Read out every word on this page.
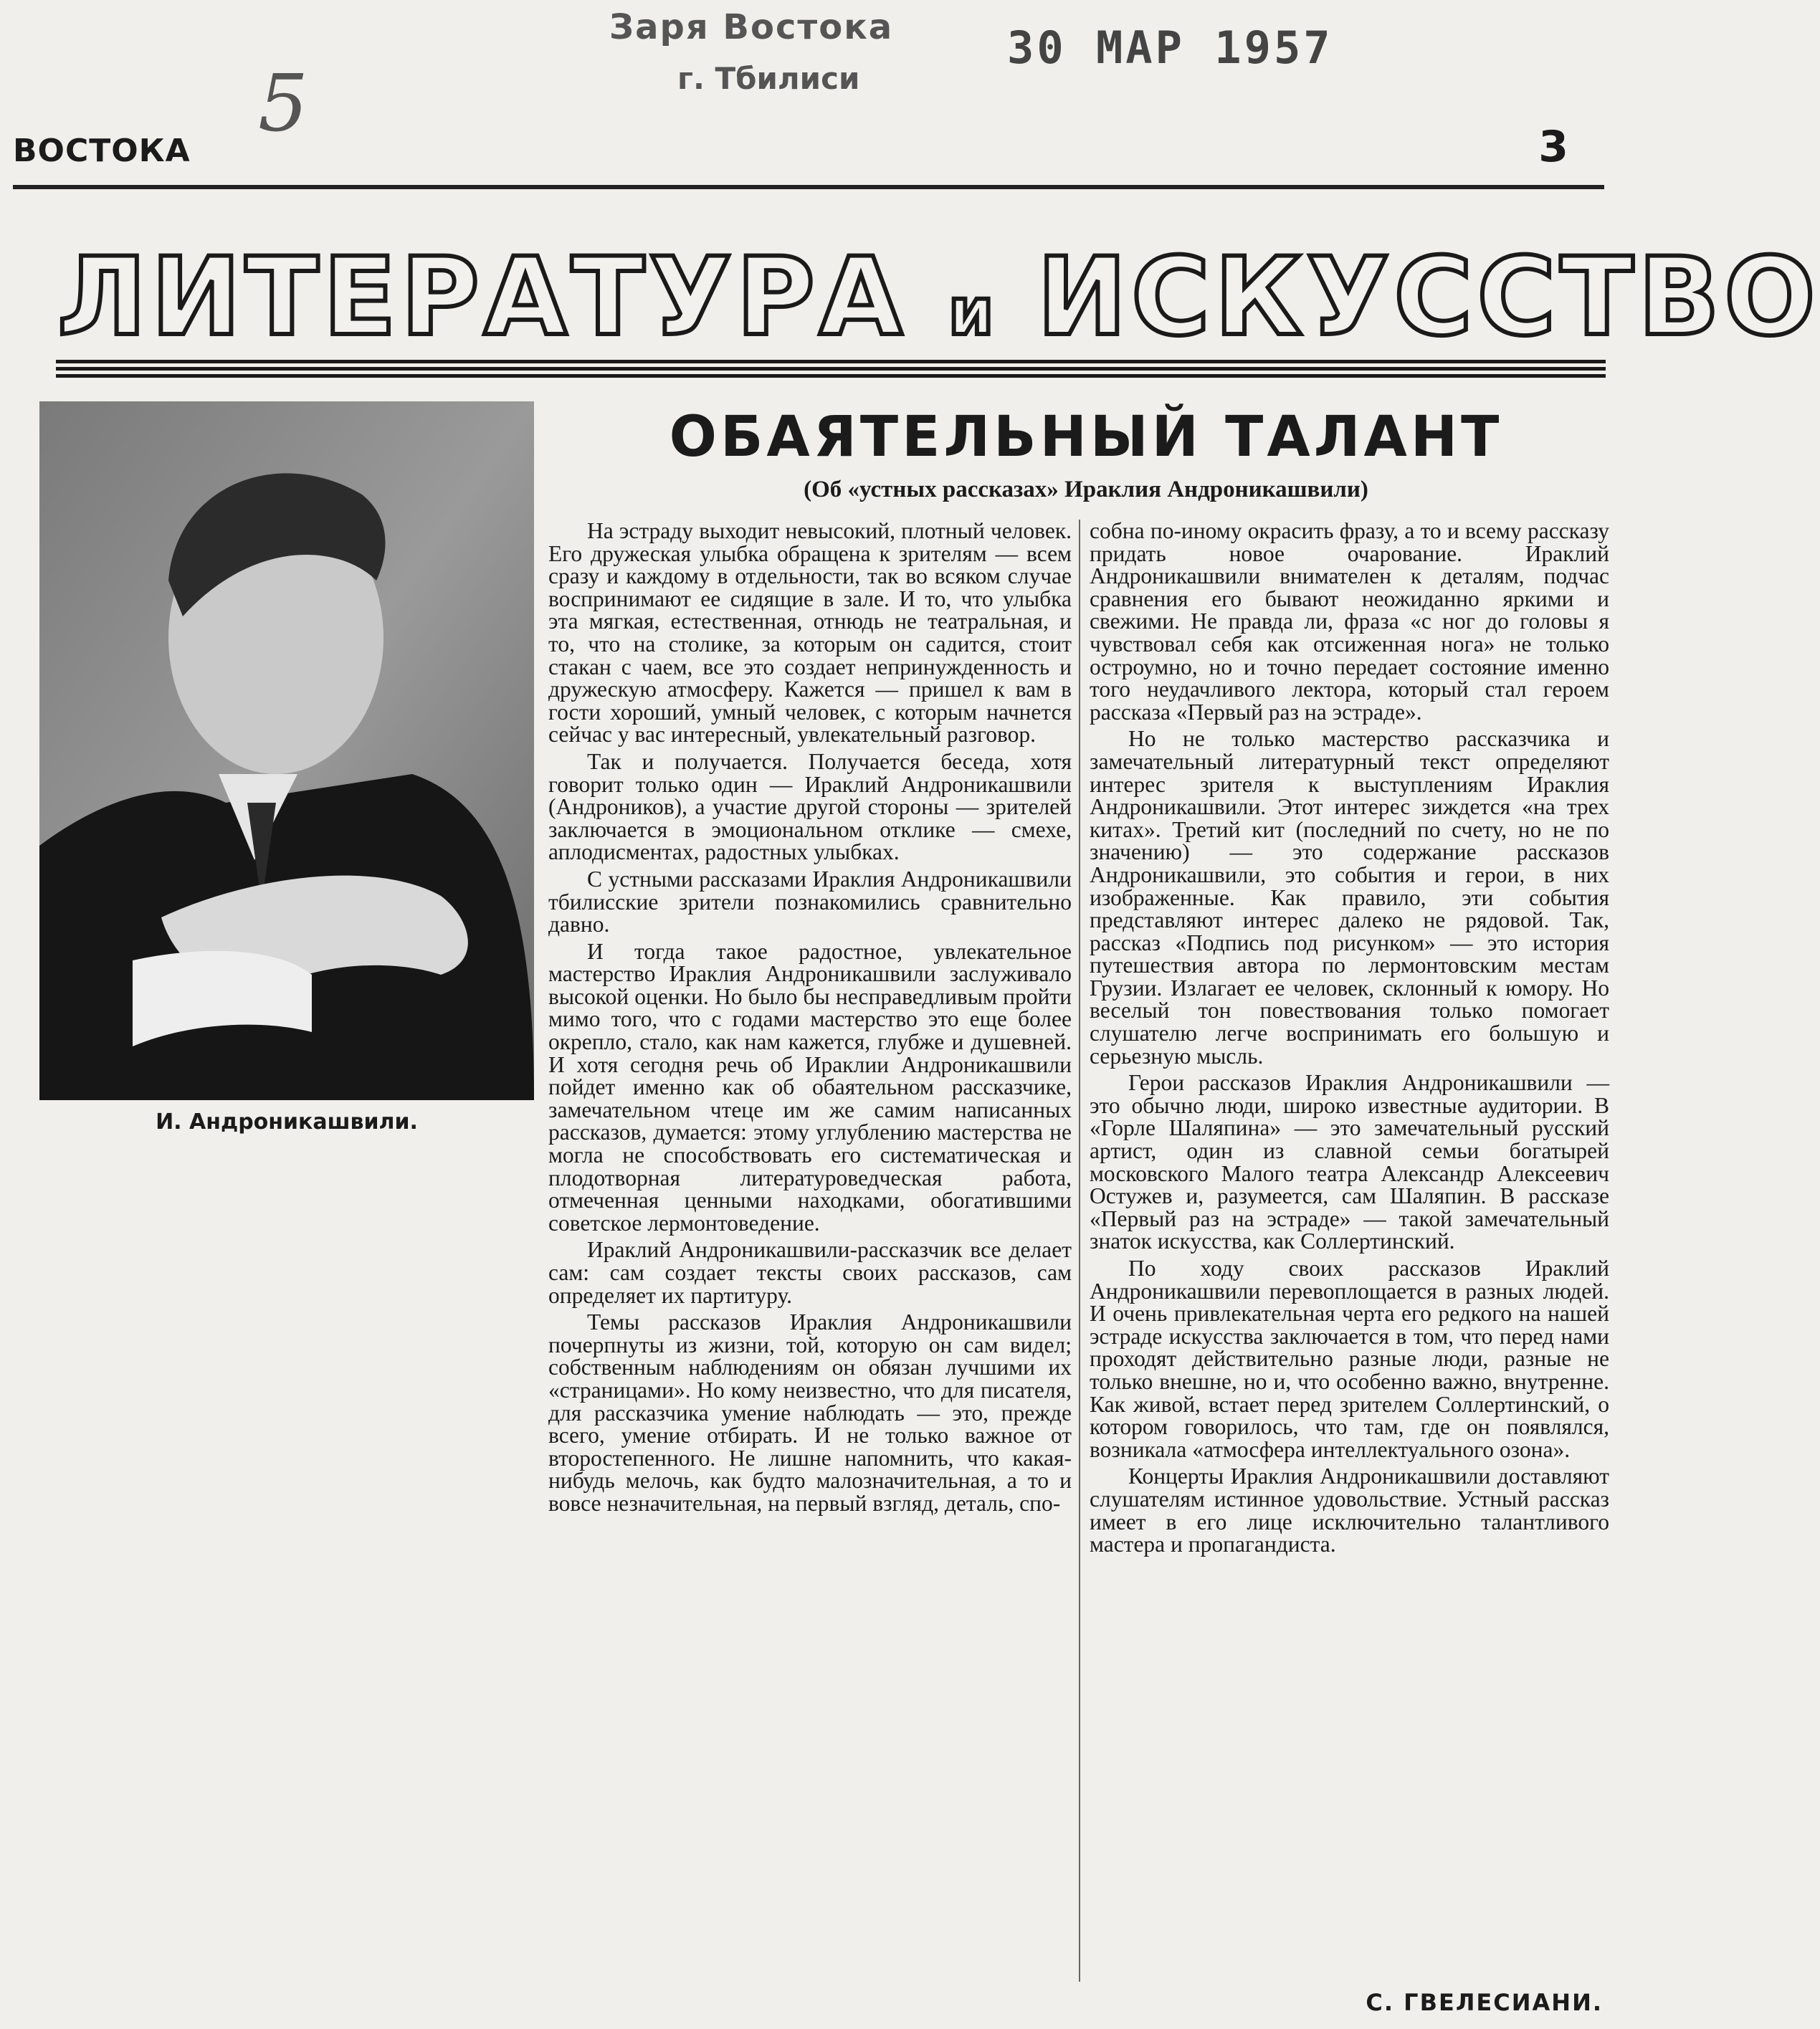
Заря Востока
г. Тбилиси
30 МАР 1957
5
ВОСТОКА	3
ЛИТЕРАТУРА и ИСКУССТВО
И. Андроникашвили.
ОБАЯТЕЛЬНЫЙ ТАЛАНТ
(Об «устных рассказах» Ираклия Андроникашвили)

На эстраду выходит невысокий, плотный человек. Его дружеская улыбка обращена к зрителям — всем сразу и каждому в отдельности, так во всяком случае воспринимают ее сидящие в зале. И то, что улыбка эта мягкая, естественная, отнюдь не театральная, и то, что на столике, за которым он садится, стоит стакан с чаем, все это создает непринужденность и дружескую атмосферу. Кажется — пришел к вам в гости хороший, умный человек, с которым начнется сейчас у вас интересный, увлекательный разговор.

Так и получается. Получается беседа, хотя говорит только один — Ираклий Андроникашвили (Андроников), а участие другой стороны — зрителей заключается в эмоциональном отклике — смехе, аплодисментах, радостных улыбках.

С устными рассказами Ираклия Андроникашвили тбилисские зрители познакомились сравнительно давно.

И тогда такое радостное, увлекательное мастерство Ираклия Андроникашвили заслуживало высокой оценки. Но было бы несправедливым пройти мимо того, что с годами мастерство это еще более окрепло, стало, как нам кажется, глубже и душевней. И хотя сегодня речь об Ираклии Андроникашвили пойдет именно как об обаятельном рассказчике, замечательном чтеце им же самим написанных рассказов, думается: этому углублению мастерства не могла не способствовать его систематическая и плодотворная литературоведческая работа, отмеченная ценными находками, обогатившими советское лермонтоведение.

Ираклий Андроникашвили-рассказчик все делает сам: сам создает тексты своих рассказов, сам определяет их партитуру.

Темы рассказов Ираклия Андроникашвили почерпнуты из жизни, той, которую он сам видел; собственным наблюдениям он обязан лучшими их «страницами». Но кому неизвестно, что для писателя, для рассказчика умение наблюдать — это, прежде всего, умение отбирать. И не только важное от второстепенного. Не лишне напомнить, что какая-нибудь мелочь, как будто малозначительная, а то и вовсе незначительная, на первый взгляд, деталь, спо-

собна по-иному окрасить фразу, а то и всему рассказу придать новое очарование. Ираклий Андроникашвили внимателен к деталям, подчас сравнения его бывают неожиданно яркими и свежими. Не правда ли, фраза «с ног до головы я чувствовал себя как отсиженная нога» не только остроумно, но и точно передает состояние именно того неудачливого лектора, который стал героем рассказа «Первый раз на эстраде».

Но не только мастерство рассказчика и замечательный литературный текст определяют интерес зрителя к выступлениям Ираклия Андроникашвили. Этот интерес зиждется «на трех китах». Третий кит (последний по счету, но не по значению) — это содержание рассказов Андроникашвили, это события и герои, в них изображенные. Как правило, эти события представляют интерес далеко не рядовой. Так, рассказ «Подпись под рисунком» — это история путешествия автора по лермонтовским местам Грузии. Излагает ее человек, склонный к юмору. Но веселый тон повествования только помогает слушателю легче воспринимать его большую и серьезную мысль.

Герои рассказов Ираклия Андроникашвили — это обычно люди, широко известные аудитории. В «Горле Шаляпина» — это замечательный русский артист, один из славной семьи богатырей московского Малого театра Александр Алексеевич Остужев и, разумеется, сам Шаляпин. В рассказе «Первый раз на эстраде» — такой замечательный знаток искусства, как Соллертинский.

По ходу своих рассказов Ираклий Андроникашвили перевоплощается в разных людей. И очень привлекательная черта его редкого на нашей эстраде искусства заключается в том, что перед нами проходят действительно разные люди, разные не только внешне, но и, что особенно важно, внутренне. Как живой, встает перед зрителем Соллертинский, о котором говорилось, что там, где он появлялся, возникала «атмосфера интеллектуального озона».

Концерты Ираклия Андроникашвили доставляют слушателям истинное удовольствие. Устный рассказ имеет в его лице исключительно талантливого мастера и пропагандиста.

С. ГВЕЛЕСИАНИ.
